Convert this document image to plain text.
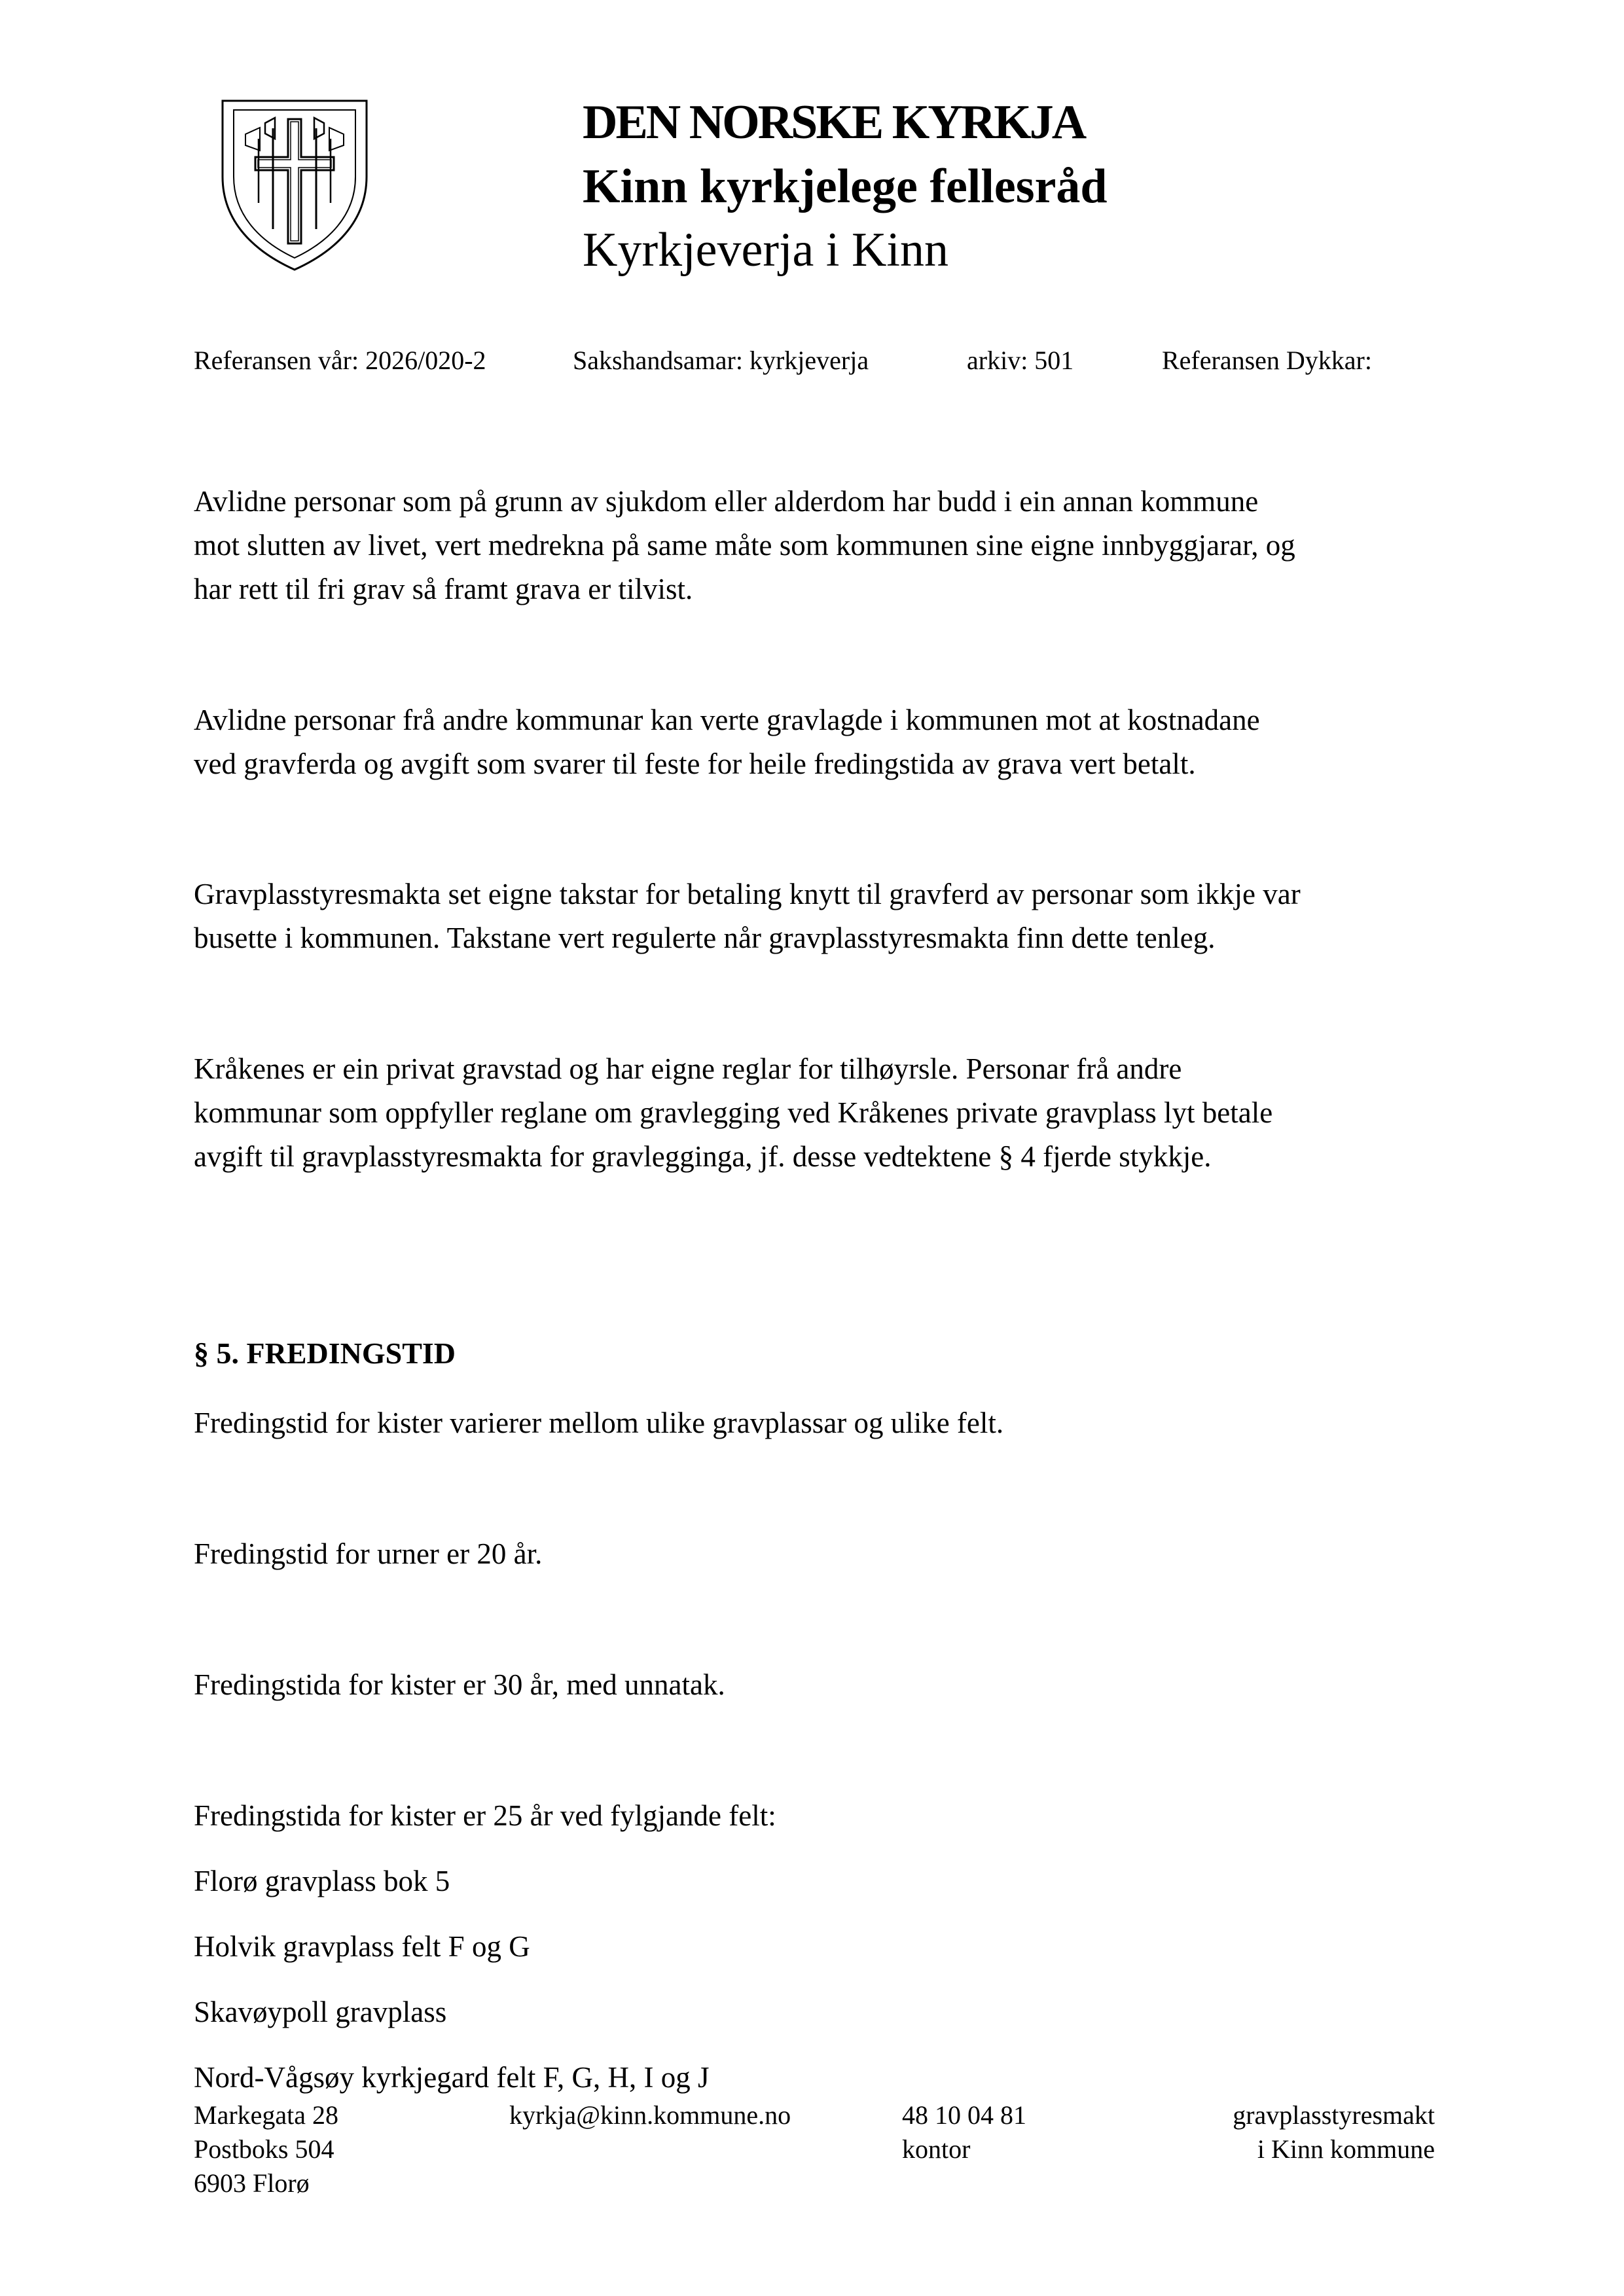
DEN NORSKE KYRKJA
Kinn kyrkjelege fellesråd
Kyrkjeverja i Kinn
Referansen vår: 2026/020-2	Sakshandsamar: kyrkjeverja	arkiv: 501	Referansen Dykkar:

Avlidne personar som på grunn av sjukdom eller alderdom har budd i ein annan kommune

mot slutten av livet, vert medrekna på same måte som kommunen sine eigne innbyggjarar, og

har rett til fri grav så framt grava er tilvist.

Avlidne personar frå andre kommunar kan verte gravlagde i kommunen mot at kostnadane

ved gravferda og avgift som svarer til feste for heile fredingstida av grava vert betalt.

Gravplasstyresmakta set eigne takstar for betaling knytt til gravferd av personar som ikkje var

busette i kommunen. Takstane vert regulerte når gravplasstyresmakta finn dette tenleg.

Kråkenes er ein privat gravstad og har eigne reglar for tilhøyrsle. Personar frå andre

kommunar som oppfyller reglane om gravlegging ved Kråkenes private gravplass lyt betale

avgift til gravplasstyresmakta for gravlegginga, jf. desse vedtektene § 4 fjerde stykkje.

§ 5. FREDINGSTID
Fredingstid for kister varierer mellom ulike gravplassar og ulike felt.
Fredingstid for urner er 20 år.
Fredingstida for kister er 30 år, med unnatak.
Fredingstida for kister er 25 år ved fylgjande felt:
Florø gravplass bok 5
Holvik gravplass felt F og G
Skavøypoll gravplass
Nord-Vågsøy kyrkjegard felt F, G, H, I og J
Markegata 28
Postboks 504
6903 Florø
kyrkja@kinn.kommune.no	48 10 04 81
kontor
gravplasstyresmakt
i Kinn kommune
